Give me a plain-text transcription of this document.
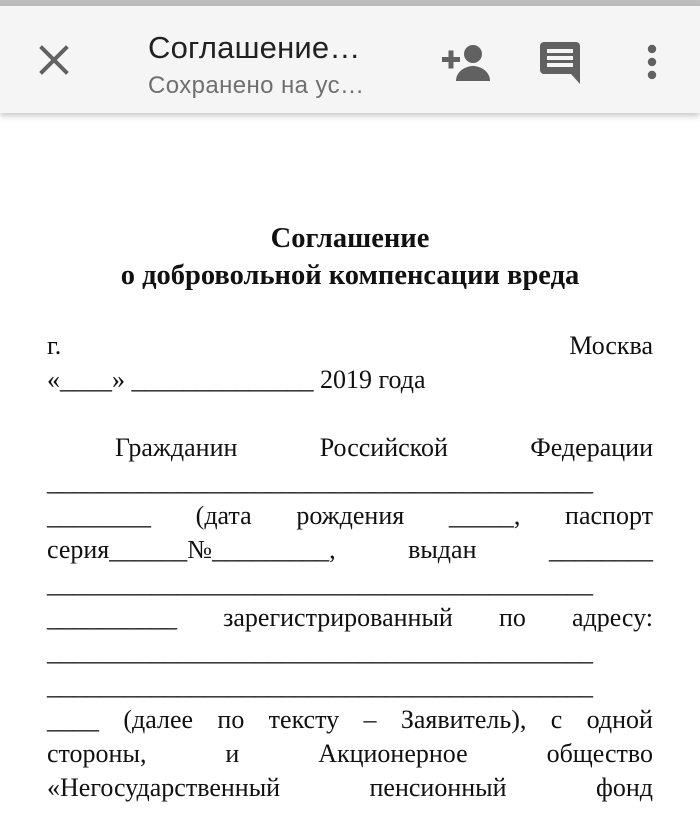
Соглашение…
Сохранено на ус…
Соглашение
о добровольной компенсации вреда
г.	Москва
«____» ______________ 2019 года
Гражданин	Российской	Федерации
__________________________________________
________ (дата рождения _____, паспорт
серия______№_________,	выдан	________
__________________________________________
__________ зарегистрированный по адресу:
__________________________________________
__________________________________________
____ (далее по тексту – Заявитель), с одной
стороны,	и	Акционерное	общество
«Негосударственный	пенсионный	фонд
